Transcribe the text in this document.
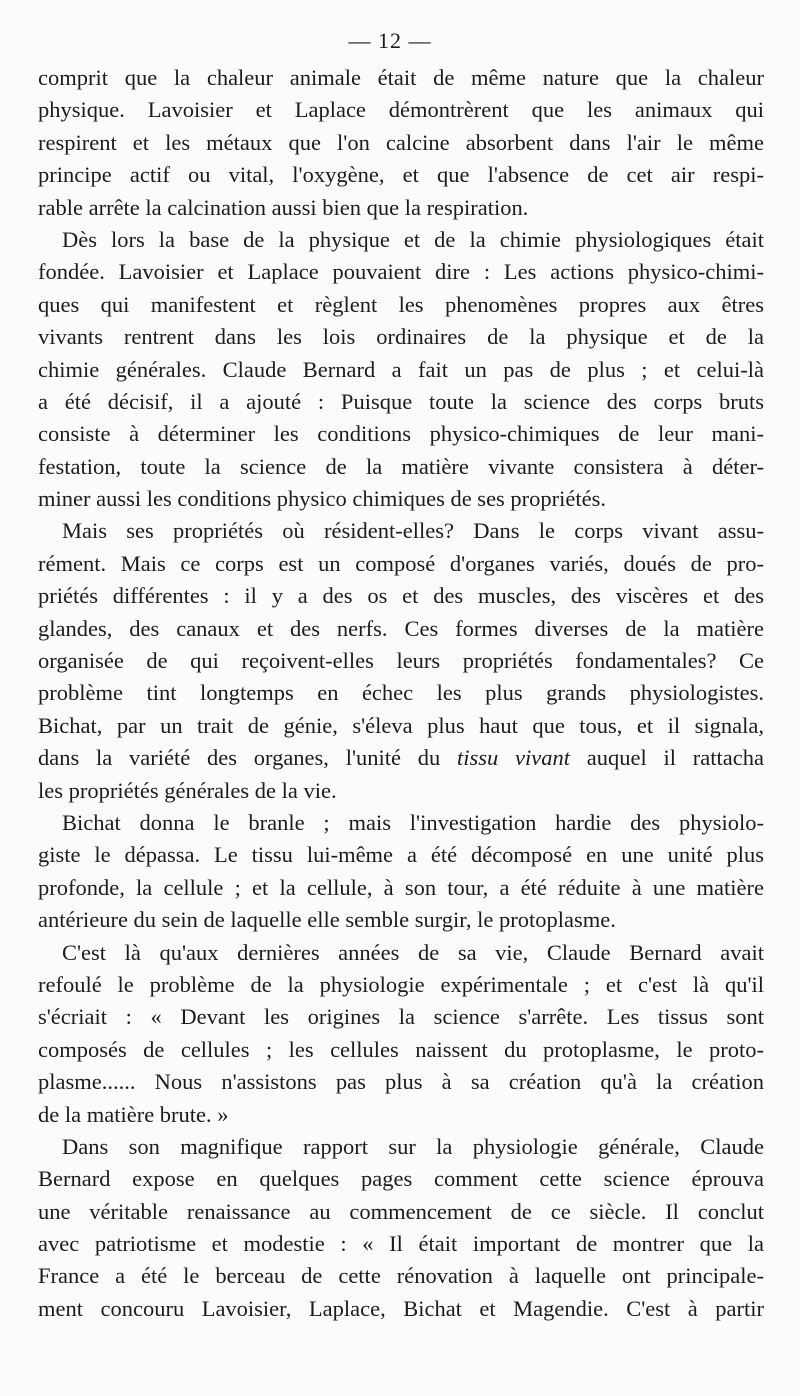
— 12 —
comprit que la chaleur animale était de même nature que la chaleur
physique. Lavoisier et Laplace démontrèrent que les animaux qui
respirent et les métaux que l'on calcine absorbent dans l'air le même
principe actif ou vital, l'oxygène, et que l'absence de cet air respi-
rable arrête la calcination aussi bien que la respiration.
Dès lors la base de la physique et de la chimie physiologiques était
fondée. Lavoisier et Laplace pouvaient dire : Les actions physico-chimi-
ques qui manifestent et règlent les phenomènes propres aux êtres
vivants rentrent dans les lois ordinaires de la physique et de la
chimie générales. Claude Bernard a fait un pas de plus ; et celui-là
a été décisif, il a ajouté : Puisque toute la science des corps bruts
consiste à déterminer les conditions physico-chimiques de leur mani-
festation, toute la science de la matière vivante consistera à déter-
miner aussi les conditions physico chimiques de ses propriétés.
Mais ses propriétés où résident-elles? Dans le corps vivant assu-
rément. Mais ce corps est un composé d'organes variés, doués de pro-
priétés différentes : il y a des os et des muscles, des viscères et des
glandes, des canaux et des nerfs. Ces formes diverses de la matière
organisée de qui reçoivent-elles leurs propriétés fondamentales? Ce
problème tint longtemps en échec les plus grands physiologistes.
Bichat, par un trait de génie, s'éleva plus haut que tous, et il signala,
dans la variété des organes, l'unité du tissu vivant auquel il rattacha
les propriétés générales de la vie.
Bichat donna le branle ; mais l'investigation hardie des physiolo-
giste le dépassa. Le tissu lui-même a été décomposé en une unité plus
profonde, la cellule ; et la cellule, à son tour, a été réduite à une matière
antérieure du sein de laquelle elle semble surgir, le protoplasme.
C'est là qu'aux dernières années de sa vie, Claude Bernard avait
refoulé le problème de la physiologie expérimentale ; et c'est là qu'il
s'écriait : « Devant les origines la science s'arrête. Les tissus sont
composés de cellules ; les cellules naissent du protoplasme, le proto-
plasme...... Nous n'assistons pas plus à sa création qu'à la création
de la matière brute. »
Dans son magnifique rapport sur la physiologie générale, Claude
Bernard expose en quelques pages comment cette science éprouva
une véritable renaissance au commencement de ce siècle. Il conclut
avec patriotisme et modestie : « Il était important de montrer que la
France a été le berceau de cette rénovation à laquelle ont principale-
ment concouru Lavoisier, Laplace, Bichat et Magendie. C'est à partir
